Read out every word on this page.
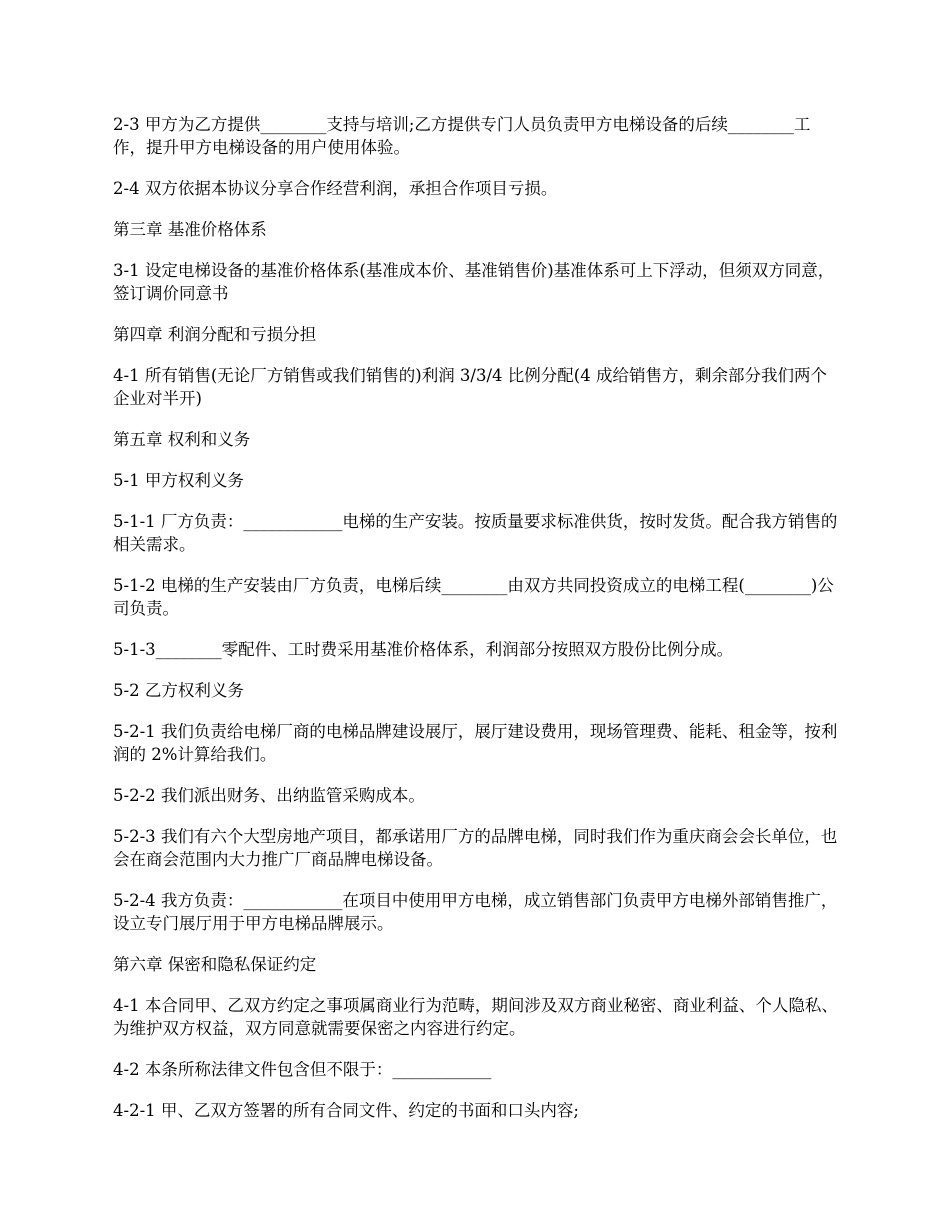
2-3 甲方为乙方提供________支持与培训;乙方提供专门人员负责甲方电梯设备的后续________工作，提升甲方电梯设备的用户使用体验。

2-4 双方依据本协议分享合作经营利润，承担合作项目亏损。

第三章 基准价格体系

3-1 设定电梯设备的基准价格体系(基准成本价、基准销售价)基准体系可上下浮动，但须双方同意，签订调价同意书

第四章 利润分配和亏损分担

4-1 所有销售(无论厂方销售或我们销售的)利润 3/3/4 比例分配(4 成给销售方，剩余部分我们两个企业对半开)

第五章 权利和义务

5-1 甲方权利义务

5-1-1 厂方负责：____________电梯的生产安装。按质量要求标准供货，按时发货。配合我方销售的相关需求。

5-1-2 电梯的生产安装由厂方负责，电梯后续________由双方共同投资成立的电梯工程(________)公司负责。

5-1-3________零配件、工时费采用基准价格体系，利润部分按照双方股份比例分成。

5-2 乙方权利义务

5-2-1 我们负责给电梯厂商的电梯品牌建设展厅，展厅建设费用，现场管理费、能耗、租金等，按利润的 2%计算给我们。

5-2-2 我们派出财务、出纳监管采购成本。

5-2-3 我们有六个大型房地产项目，都承诺用厂方的品牌电梯，同时我们作为重庆商会会长单位，也会在商会范围内大力推广厂商品牌电梯设备。

5-2-4 我方负责：____________在项目中使用甲方电梯，成立销售部门负责甲方电梯外部销售推广，设立专门展厅用于甲方电梯品牌展示。

第六章 保密和隐私保证约定

4-1 本合同甲、乙双方约定之事项属商业行为范畴，期间涉及双方商业秘密、商业利益、个人隐私、为维护双方权益，双方同意就需要保密之内容进行约定。

4-2 本条所称法律文件包含但不限于：____________

4-2-1 甲、乙双方签署的所有合同文件、约定的书面和口头内容;
